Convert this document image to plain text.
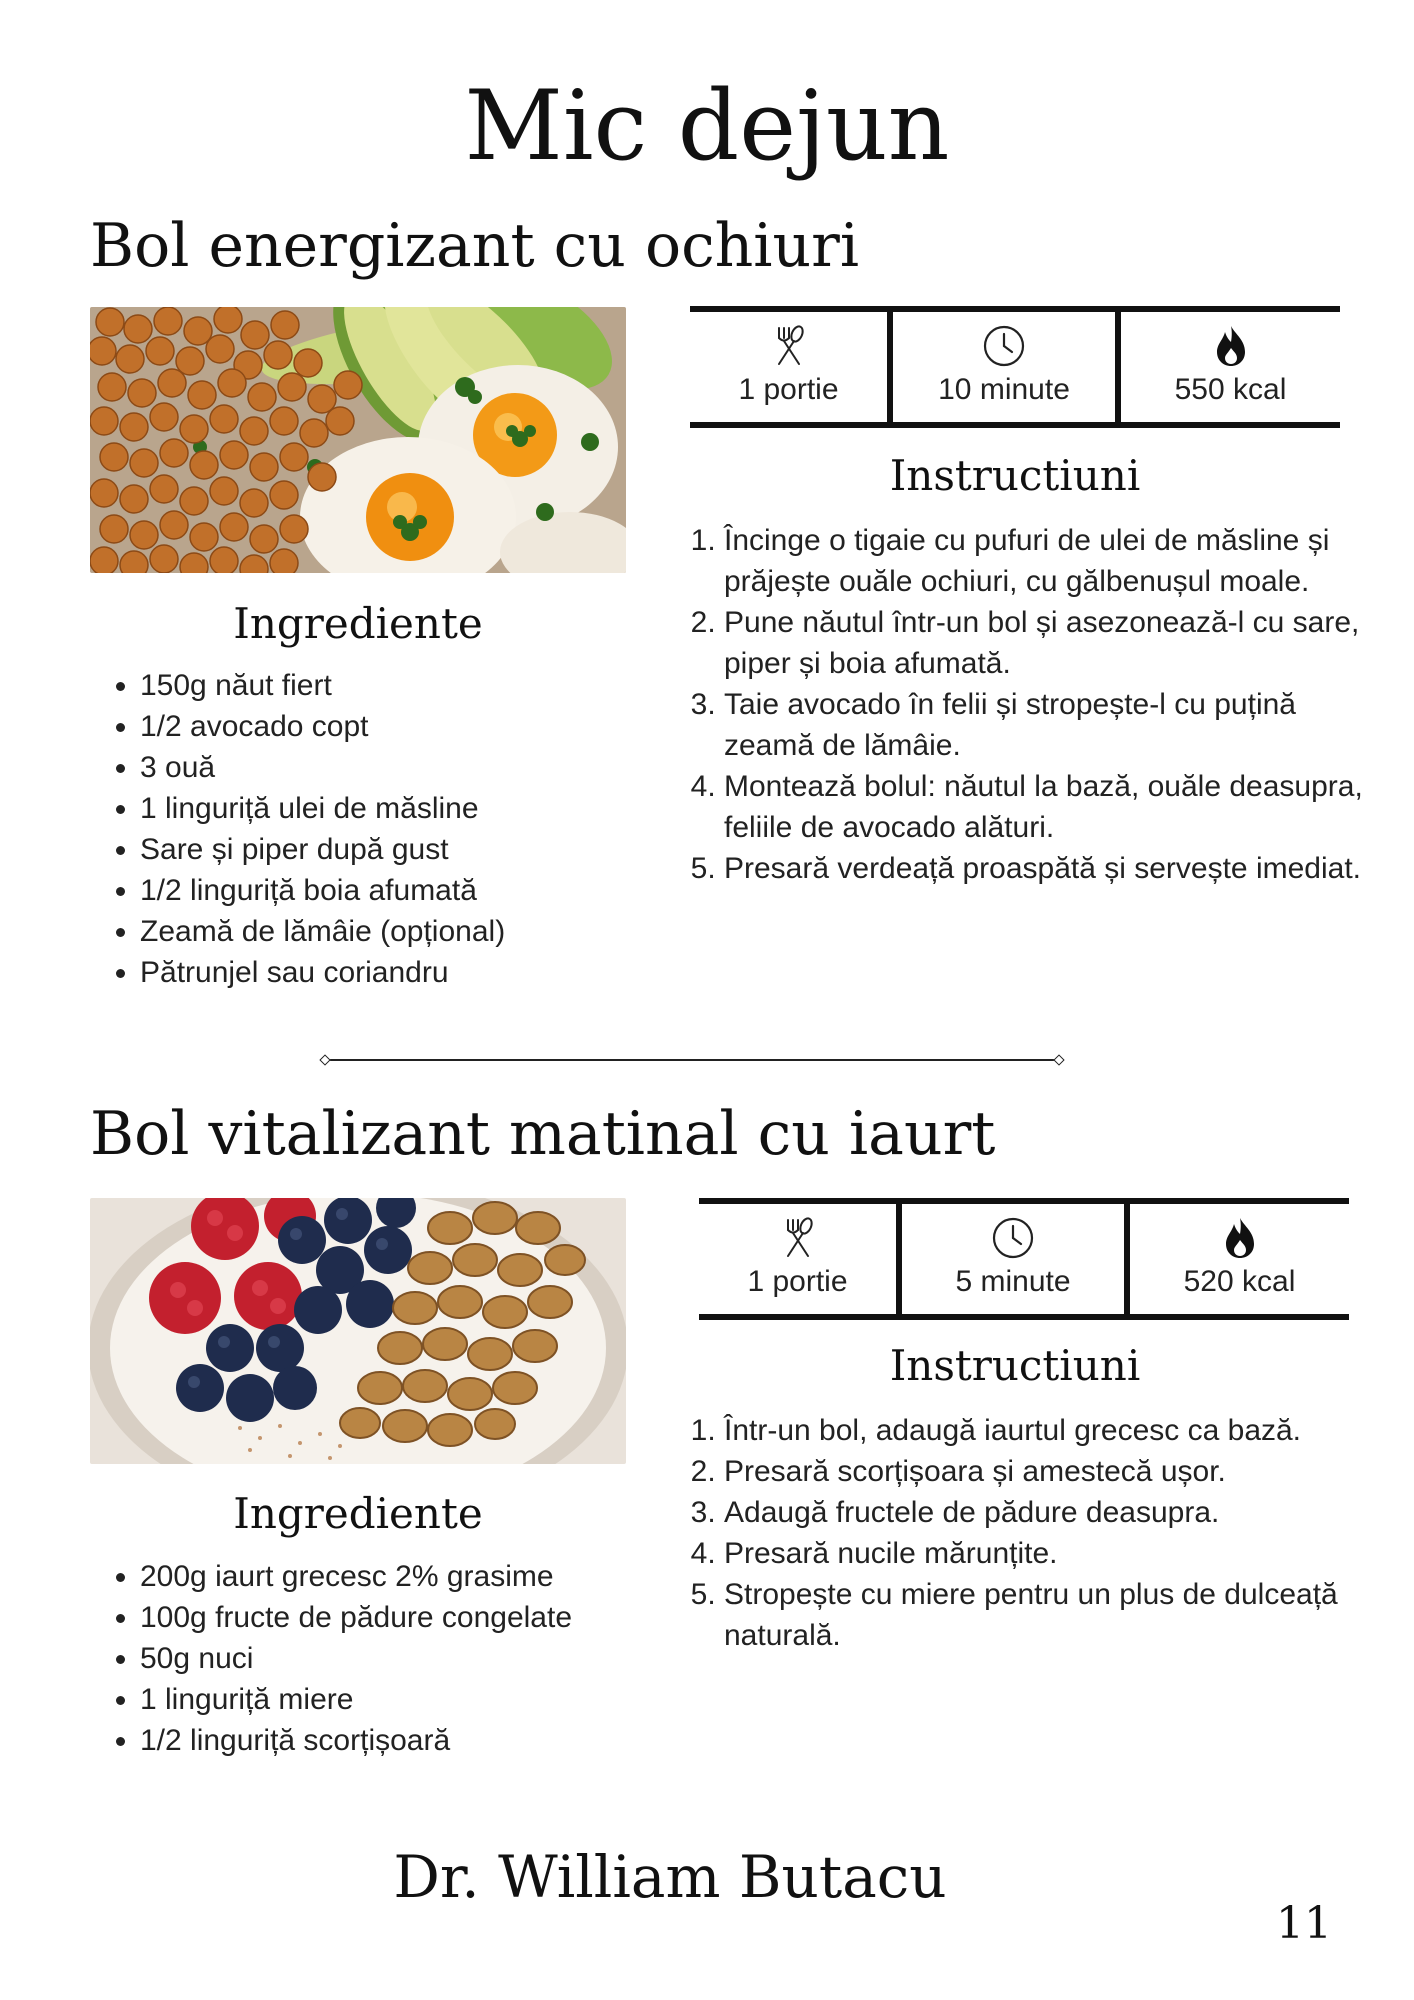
Mic dejun
Bol energizant cu ochiuri
Ingrediente
• 150g năut fiert
• 1/2 avocado copt
• 3 ouă
• 1 linguriță ulei de măsline
• Sare și piper după gust
• 1/2 linguriță boia afumată
• Zeamă de lămâie (opțional)
• Pătrunjel sau coriandru
1 portie	10 minute	550 kcal
Instructiuni
1. Încinge o tigaie cu pufuri de ulei de măsline și prăjește ouăle ochiuri, cu gălbenușul moale.
2. Pune năutul într-un bol și asezonează-l cu sare, piper și boia afumată.
3. Taie avocado în felii și stropește-l cu puțină zeamă de lămâie.
4. Montează bolul: năutul la bază, ouăle deasupra, feliile de avocado alături.
5. Presară verdeață proaspătă și servește imediat.
Bol vitalizant matinal cu iaurt
Ingrediente
• 200g iaurt grecesc 2% grasime
• 100g fructe de pădure congelate
• 50g nuci
• 1 linguriță miere
• 1/2 linguriță scorțișoară
1 portie	5 minute	520 kcal
Instructiuni
1. Într-un bol, adaugă iaurtul grecesc ca bază.
2. Presară scorțișoara și amestecă ușor.
3. Adaugă fructele de pădure deasupra.
4. Presară nucile mărunțite.
5. Stropește cu miere pentru un plus de dulceață naturală.
Dr. William Butacu
11
